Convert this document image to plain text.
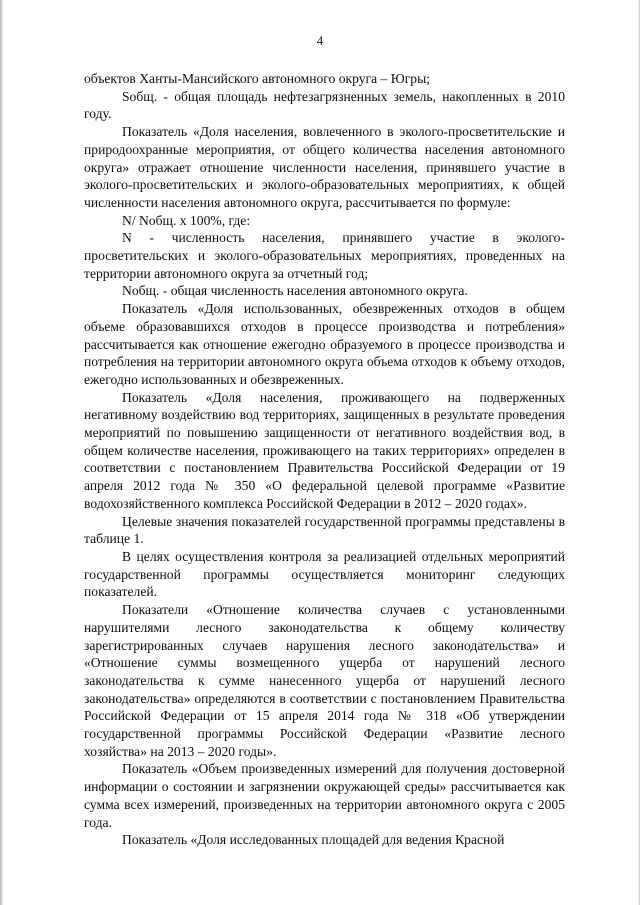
4

объектов Ханты-Мансийского автономного округа – Югры;

Sобщ. - общая площадь нефтезагрязненных земель, накопленных в 2010 году.

Показатель «Доля населения, вовлеченного в эколого-просветительские и природоохранные мероприятия, от общего количества населения автономного округа» отражает отношение численности населения, принявшего участие в эколого-просветительских и эколого-образовательных мероприятиях, к общей численности населения автономного округа, рассчитывается по формуле:

N/ Nобщ. х 100%, где:

N - численность населения, принявшего участие в эколого-просветительских и эколого-образовательных мероприятиях, проведенных на территории автономного округа за отчетный год;

Nобщ. - общая численность населения автономного округа.

Показатель «Доля использованных, обезвреженных отходов в общем объеме образовавшихся отходов в процессе производства и потребления» рассчитывается как отношение ежегодно образуемого в процессе производства и потребления на территории автономного округа объема отходов к объему отходов, ежегодно использованных и обезвреженных.

Показатель «Доля населения, проживающего на подверженных негативному воздействию вод территориях, защищенных в результате проведения мероприятий по повышению защищенности от негативного воздействия вод, в общем количестве населения, проживающего на таких территориях» определен в соответствии с постановлением Правительства Российской Федерации от 19 апреля 2012 года № 350 «О федеральной целевой программе «Развитие водохозяйственного комплекса Российской Федерации в 2012 – 2020 годах».

Целевые значения показателей государственной программы представлены в таблице 1.

В целях осуществления контроля за реализацией отдельных мероприятий государственной программы осуществляется мониторинг следующих показателей.

Показатели «Отношение количества случаев с установленными нарушителями лесного законодательства к общему количеству зарегистрированных случаев нарушения лесного законодательства» и «Отношение суммы возмещенного ущерба от нарушений лесного законодательства к сумме нанесенного ущерба от нарушений лесного законодательства» определяются в соответствии с постановлением Правительства Российской Федерации от 15 апреля 2014 года № 318 «Об утверждении государственной программы Российской Федерации «Развитие лесного хозяйства» на 2013 – 2020 годы».

Показатель «Объем произведенных измерений для получения достоверной информации о состоянии и загрязнении окружающей среды» рассчитывается как сумма всех измерений, произведенных на территории автономного округа с 2005 года.

Показатель «Доля исследованных площадей для ведения Красной
